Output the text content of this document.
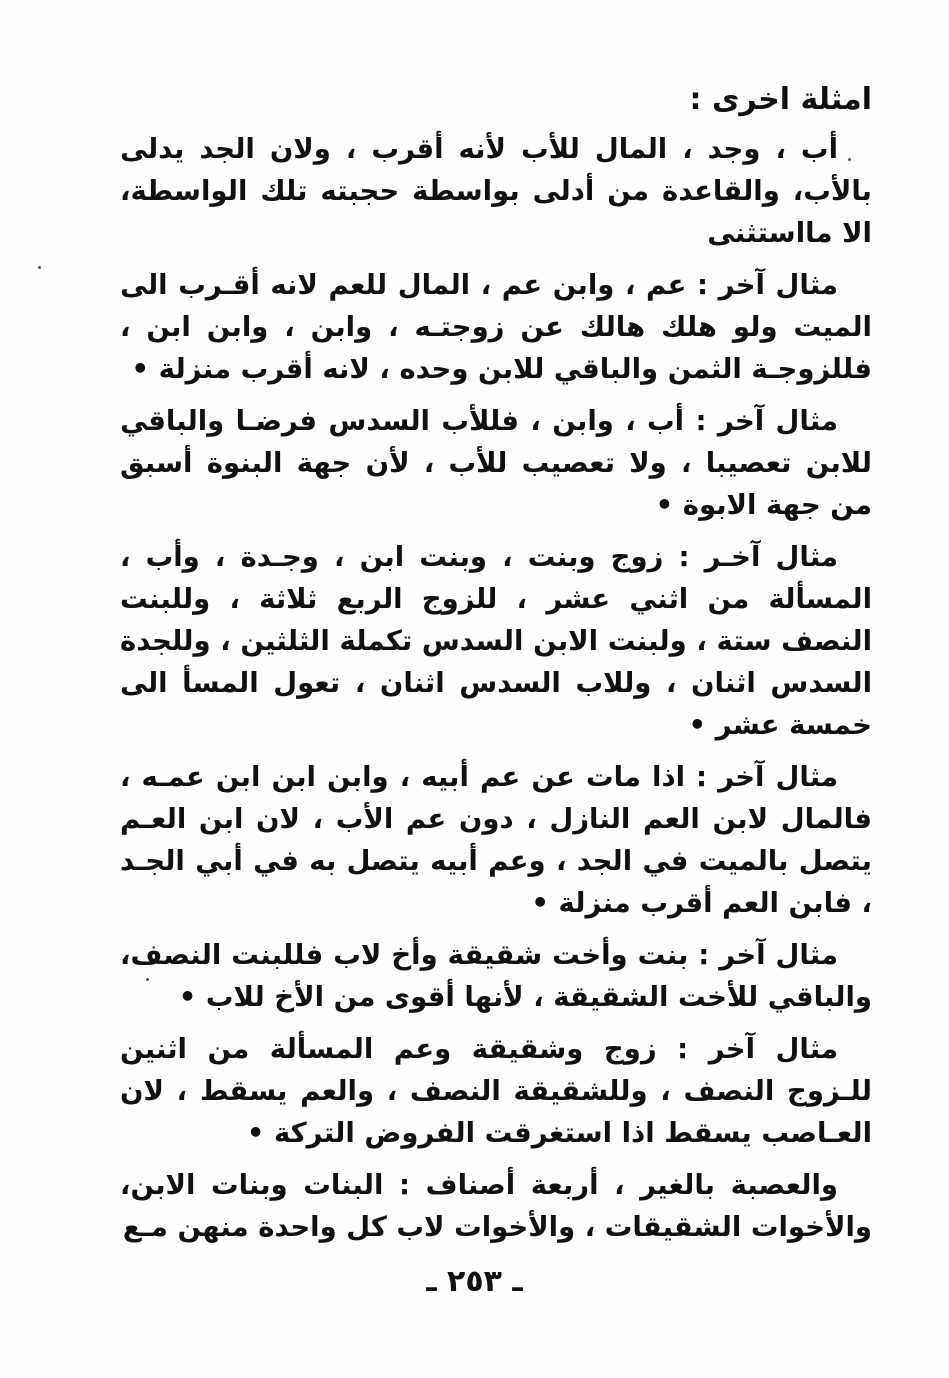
امثلة اخرى :

أب ، وجد ، المال للأب لأنه أقرب ، ولان الجد يدلى بالأب، والقاعدة من أدلى بواسطة حجبته تلك الواسطة، الا مااستثنى

مثال آخر : عم ، وابن عم ، المال للعم لانه أقـرب الى الميت ولو هلك هالك عن زوجتـه ، وابن ، وابن ابن ، فللزوجـة الثمن والباقي للابن وحده ، لانه أقرب منزلة •

مثال آخر : أب ، وابن ، فللأب السدس فرضـا والباقي للابن تعصيبا ، ولا تعصيب للأب ، لأن جهة البنوة أسبق من جهة الابوة •

مثال آخـر : زوج وبنت ، وبنت ابن ، وجـدة ، وأب ، المسألة من اثني عشر ، للزوج الربع ثلاثة ، وللبنت النصف ستة ، ولبنت الابن السدس تكملة الثلثين ، وللجدة السدس اثنان ، وللاب السدس اثنان ، تعول المسأ الى خمسة عشر •

مثال آخر : اذا مات عن عم أبيه ، وابن ابن ابن عمـه ، فالمال لابن العم النازل ، دون عم الأب ، لان ابن العـم يتصل بالميت في الجد ، وعم أبيه يتصل به في أبي الجـد ، فابن العم أقرب منزلة •

مثال آخر : بنت وأخت شقيقة وأخ لاب فللبنت النصف، والباقي للأخت الشقيقة ، لأنها أقوى من الأخ للاب •

مثال آخر : زوج وشقيقة وعم المسألة من اثنين للـزوج النصف ، وللشقيقة النصف ، والعم يسقط ، لان العـاصب يسقط اذا استغرقت الفروض التركة •

والعصبة بالغير ، أربعة أصناف : البنات وبنات الابن، والأخوات الشقيقات ، والأخوات لاب كل واحدة منهن مـع

ـ ٢٥٣ ـ
